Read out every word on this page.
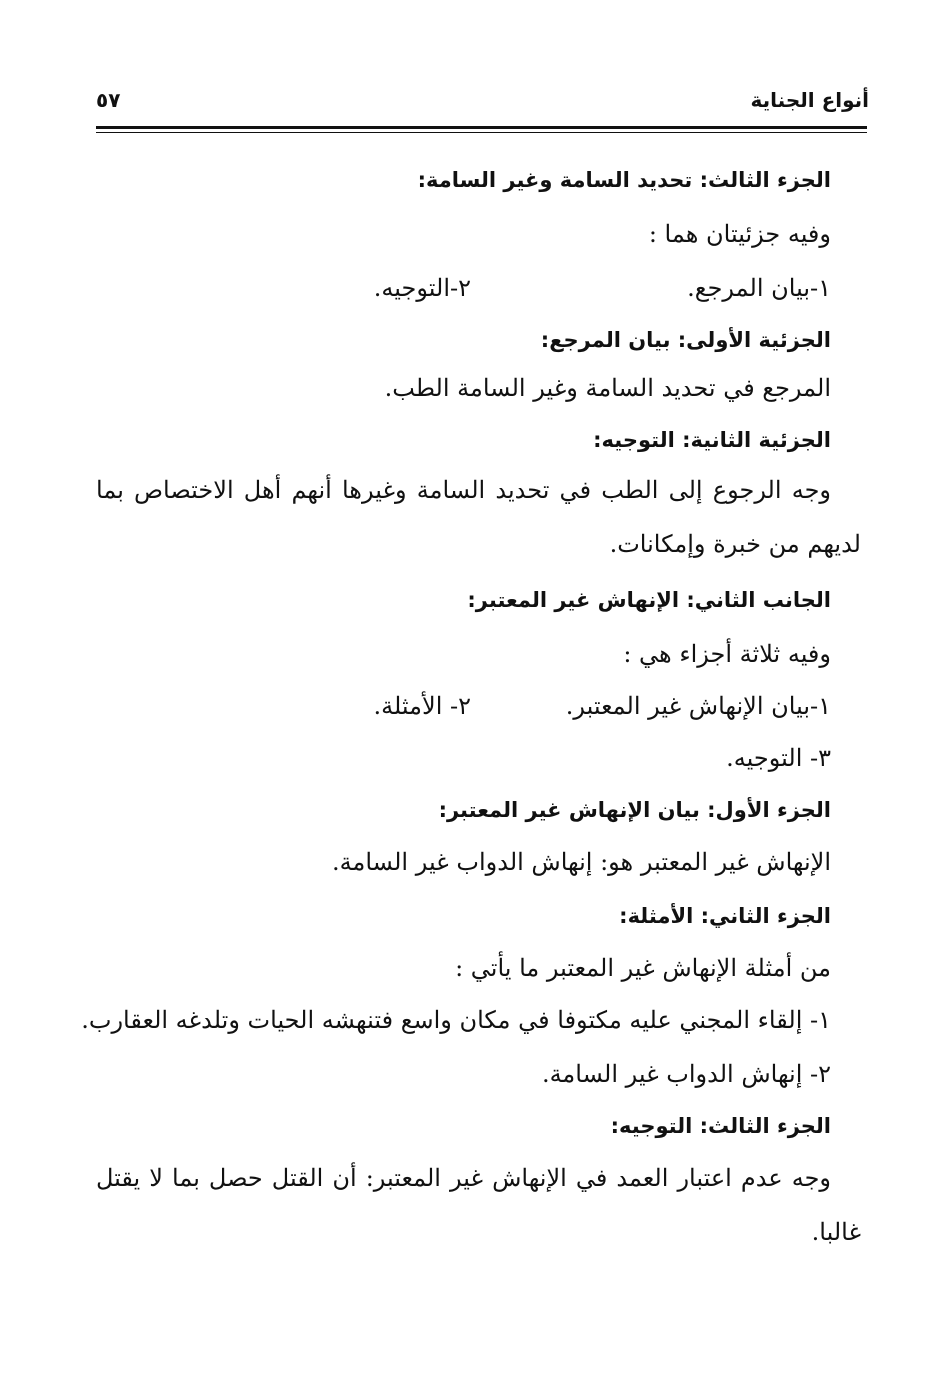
أنواع الجناية
٥٧
الجزء الثالث: تحديد السامة وغير السامة:
وفيه جزئيتان هما :
١-بيان المرجع.
٢-التوجيه.
الجزئية الأولى: بيان المرجع:
المرجع في تحديد السامة وغير السامة الطب.
الجزئية الثانية: التوجيه:
وجه الرجوع إلى الطب في تحديد السامة وغيرها أنهم أهل الاختصاص بما
لديهم من خبرة وإمكانات.
الجانب الثاني: الإنهاش غير المعتبر:
وفيه ثلاثة أجزاء هي :
١-بيان الإنهاش غير المعتبر.
٢- الأمثلة.
٣- التوجيه.
الجزء الأول: بيان الإنهاش غير المعتبر:
الإنهاش غير المعتبر هو: إنهاش الدواب غير السامة.
الجزء الثاني: الأمثلة:
من أمثلة الإنهاش غير المعتبر ما يأتي :
١- إلقاء المجني عليه مكتوفا في مكان واسع فتنهشه الحيات وتلدغه العقارب.
٢- إنهاش الدواب غير السامة.
الجزء الثالث: التوجيه:
وجه عدم اعتبار العمد في الإنهاش غير المعتبر: أن القتل حصل بما لا يقتل
غالبا.
